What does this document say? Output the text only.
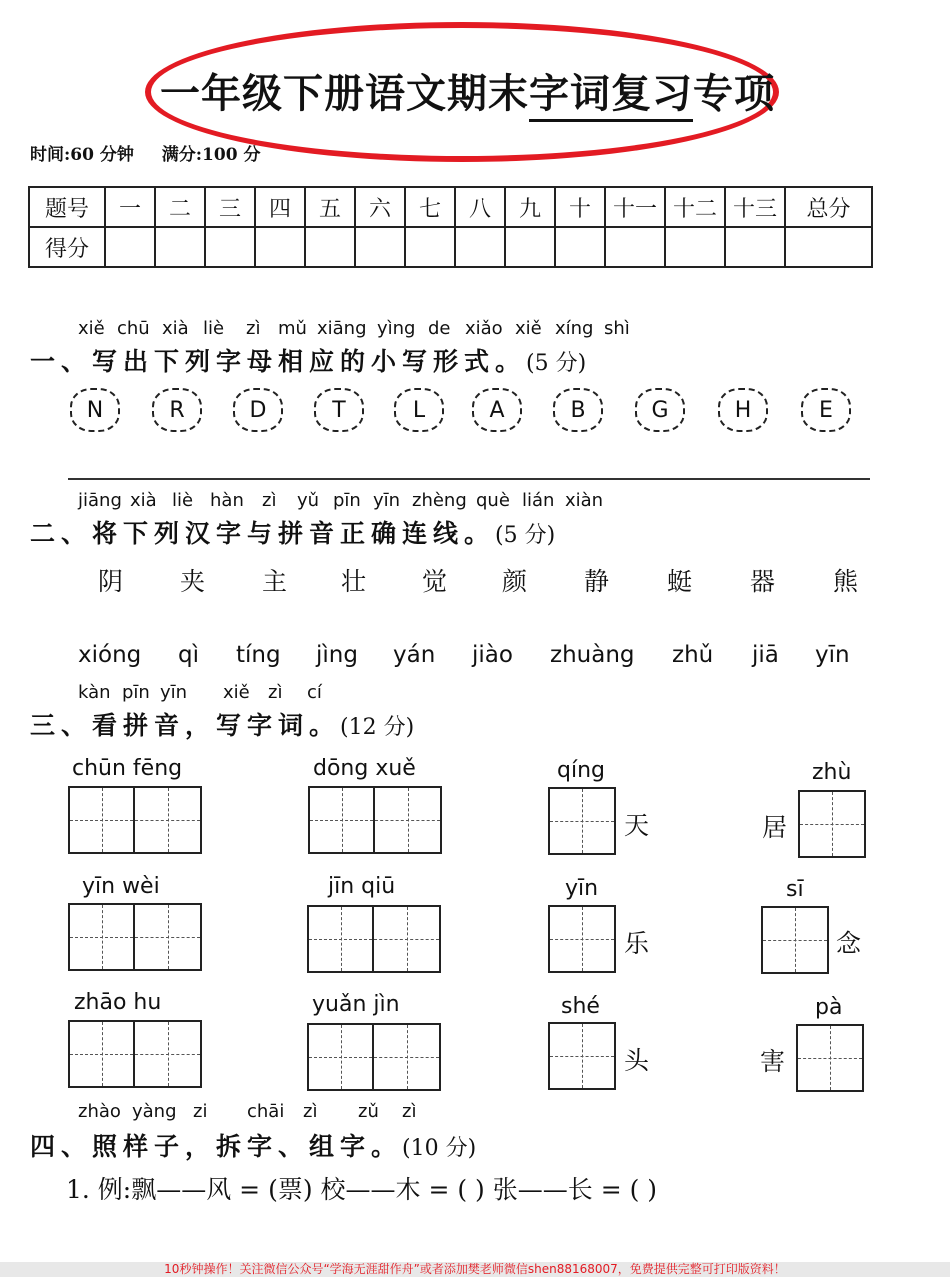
一年级下册语文期末字词复习专项
时间:60 分钟 满分:100 分
题号	一	二	三	四	五	六	七	八	九	十	十一	十二	十三	总分
得分														
xiě chū xià liè zì mǔ xiāng yìng de xiǎo xiě xíng shì
一、写出下列字母相应的小写形式。(5 分)
N	R	D	T	L	A	B	G	H	E
jiāng xià liè hàn zì yǔ pīn yīn zhèng què lián xiàn
二、将下列汉字与拼音正确连线。(5 分)
阴 夹 主 壮 觉 颜 静 蜓 器 熊
xióng qì tíng jìng yán jiào zhuàng zhǔ jiā yīn
kàn pīn yīn xiě zì cí
三、看拼音，写字词。(12 分)
chūn fēng	dōng xuě	qíng
天
zhù
居
yīn wèi	jīn qiū	yīn
乐
sī
念
zhāo hu	yuǎn jìn	shé
头
pà
害
zhào yàng zi chāi zì zǔ zì
四、照样子，拆字、组字。(10 分)
1. 例:飘——风 = (票) 校——木 = ( ) 张——长 = ( )
10秒钟操作！关注微信公众号“学海无涯甜作舟”或者添加樊老师微信shen88168007，免费提供完整可打印版资料！
